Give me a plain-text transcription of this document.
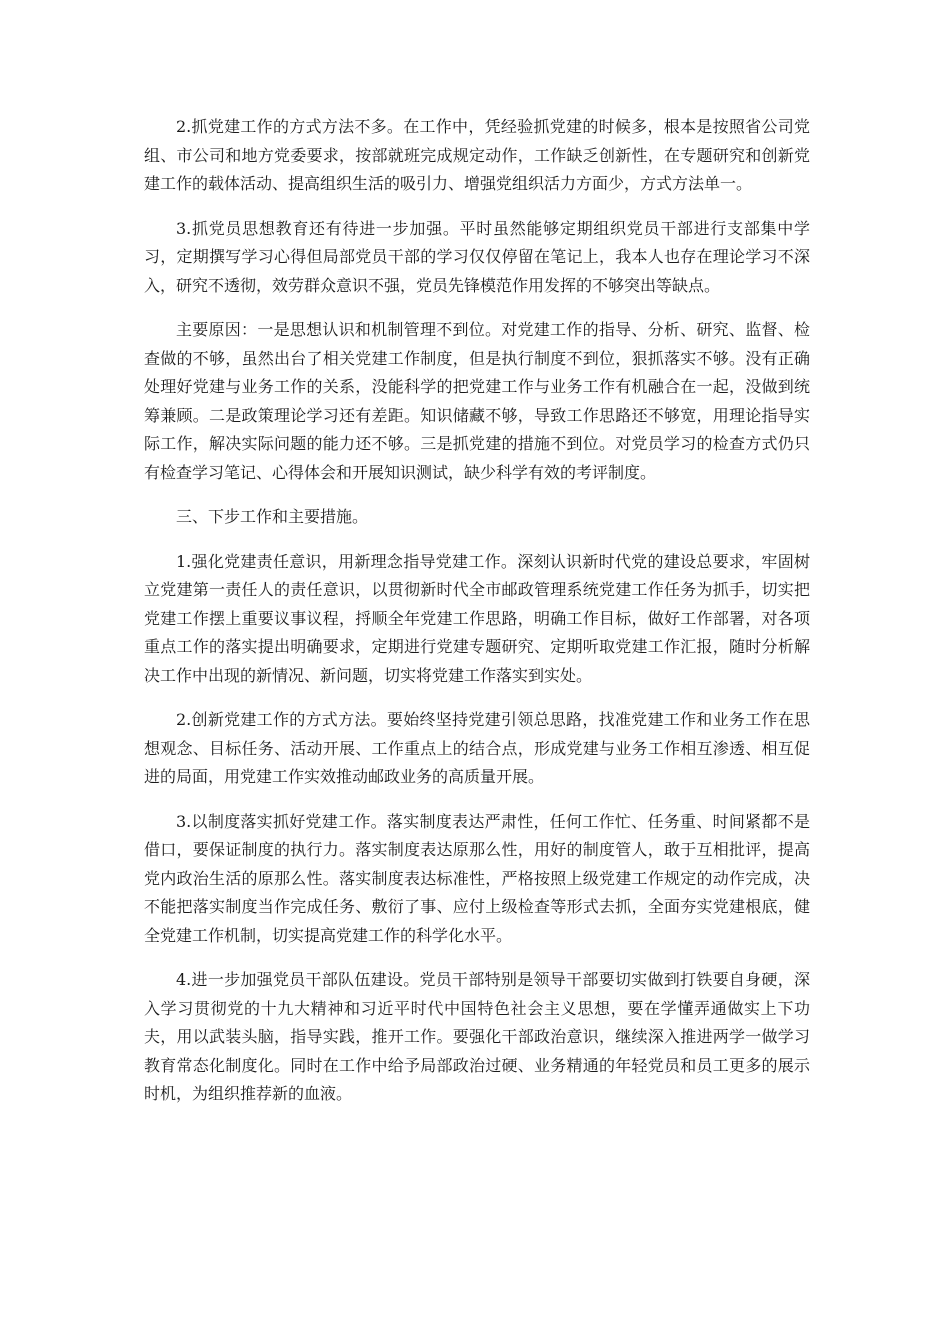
2.抓党建工作的方式方法不多。在工作中，凭经验抓党建的时候多，根本是按照省公司党组、市公司和地方党委要求，按部就班完成规定动作，工作缺乏创新性，在专题研究和创新党建工作的载体活动、提高组织生活的吸引力、增强党组织活力方面少，方式方法单一。

3.抓党员思想教育还有待进一步加强。平时虽然能够定期组织党员干部进行支部集中学习，定期撰写学习心得但局部党员干部的学习仅仅停留在笔记上，我本人也存在理论学习不深入，研究不透彻，效劳群众意识不强，党员先锋模范作用发挥的不够突出等缺点。

主要原因：一是思想认识和机制管理不到位。对党建工作的指导、分析、研究、监督、检查做的不够，虽然出台了相关党建工作制度，但是执行制度不到位，狠抓落实不够。没有正确处理好党建与业务工作的关系，没能科学的把党建工作与业务工作有机融合在一起，没做到统筹兼顾。二是政策理论学习还有差距。知识储藏不够，导致工作思路还不够宽，用理论指导实际工作，解决实际问题的能力还不够。三是抓党建的措施不到位。对党员学习的检查方式仍只有检查学习笔记、心得体会和开展知识测试，缺少科学有效的考评制度。

三、下步工作和主要措施。

1.强化党建责任意识，用新理念指导党建工作。深刻认识新时代党的建设总要求，牢固树立党建第一责任人的责任意识，以贯彻新时代全市邮政管理系统党建工作任务为抓手，切实把党建工作摆上重要议事议程，捋顺全年党建工作思路，明确工作目标，做好工作部署，对各项重点工作的落实提出明确要求，定期进行党建专题研究、定期听取党建工作汇报，随时分析解决工作中出现的新情况、新问题，切实将党建工作落实到实处。

2.创新党建工作的方式方法。要始终坚持党建引领总思路，找准党建工作和业务工作在思想观念、目标任务、活动开展、工作重点上的结合点，形成党建与业务工作相互渗透、相互促进的局面，用党建工作实效推动邮政业务的高质量开展。

3.以制度落实抓好党建工作。落实制度表达严肃性，任何工作忙、任务重、时间紧都不是借口，要保证制度的执行力。落实制度表达原那么性，用好的制度管人，敢于互相批评，提高党内政治生活的原那么性。落实制度表达标准性，严格按照上级党建工作规定的动作完成，决不能把落实制度当作完成任务、敷衍了事、应付上级检查等形式去抓，全面夯实党建根底，健全党建工作机制，切实提高党建工作的科学化水平。

4.进一步加强党员干部队伍建设。党员干部特别是领导干部要切实做到打铁要自身硬，深入学习贯彻党的十九大精神和习近平时代中国特色社会主义思想，要在学懂弄通做实上下功夫，用以武装头脑，指导实践，推开工作。要强化干部政治意识，继续深入推进两学一做学习教育常态化制度化。同时在工作中给予局部政治过硬、业务精通的年轻党员和员工更多的展示时机，为组织推荐新的血液。
